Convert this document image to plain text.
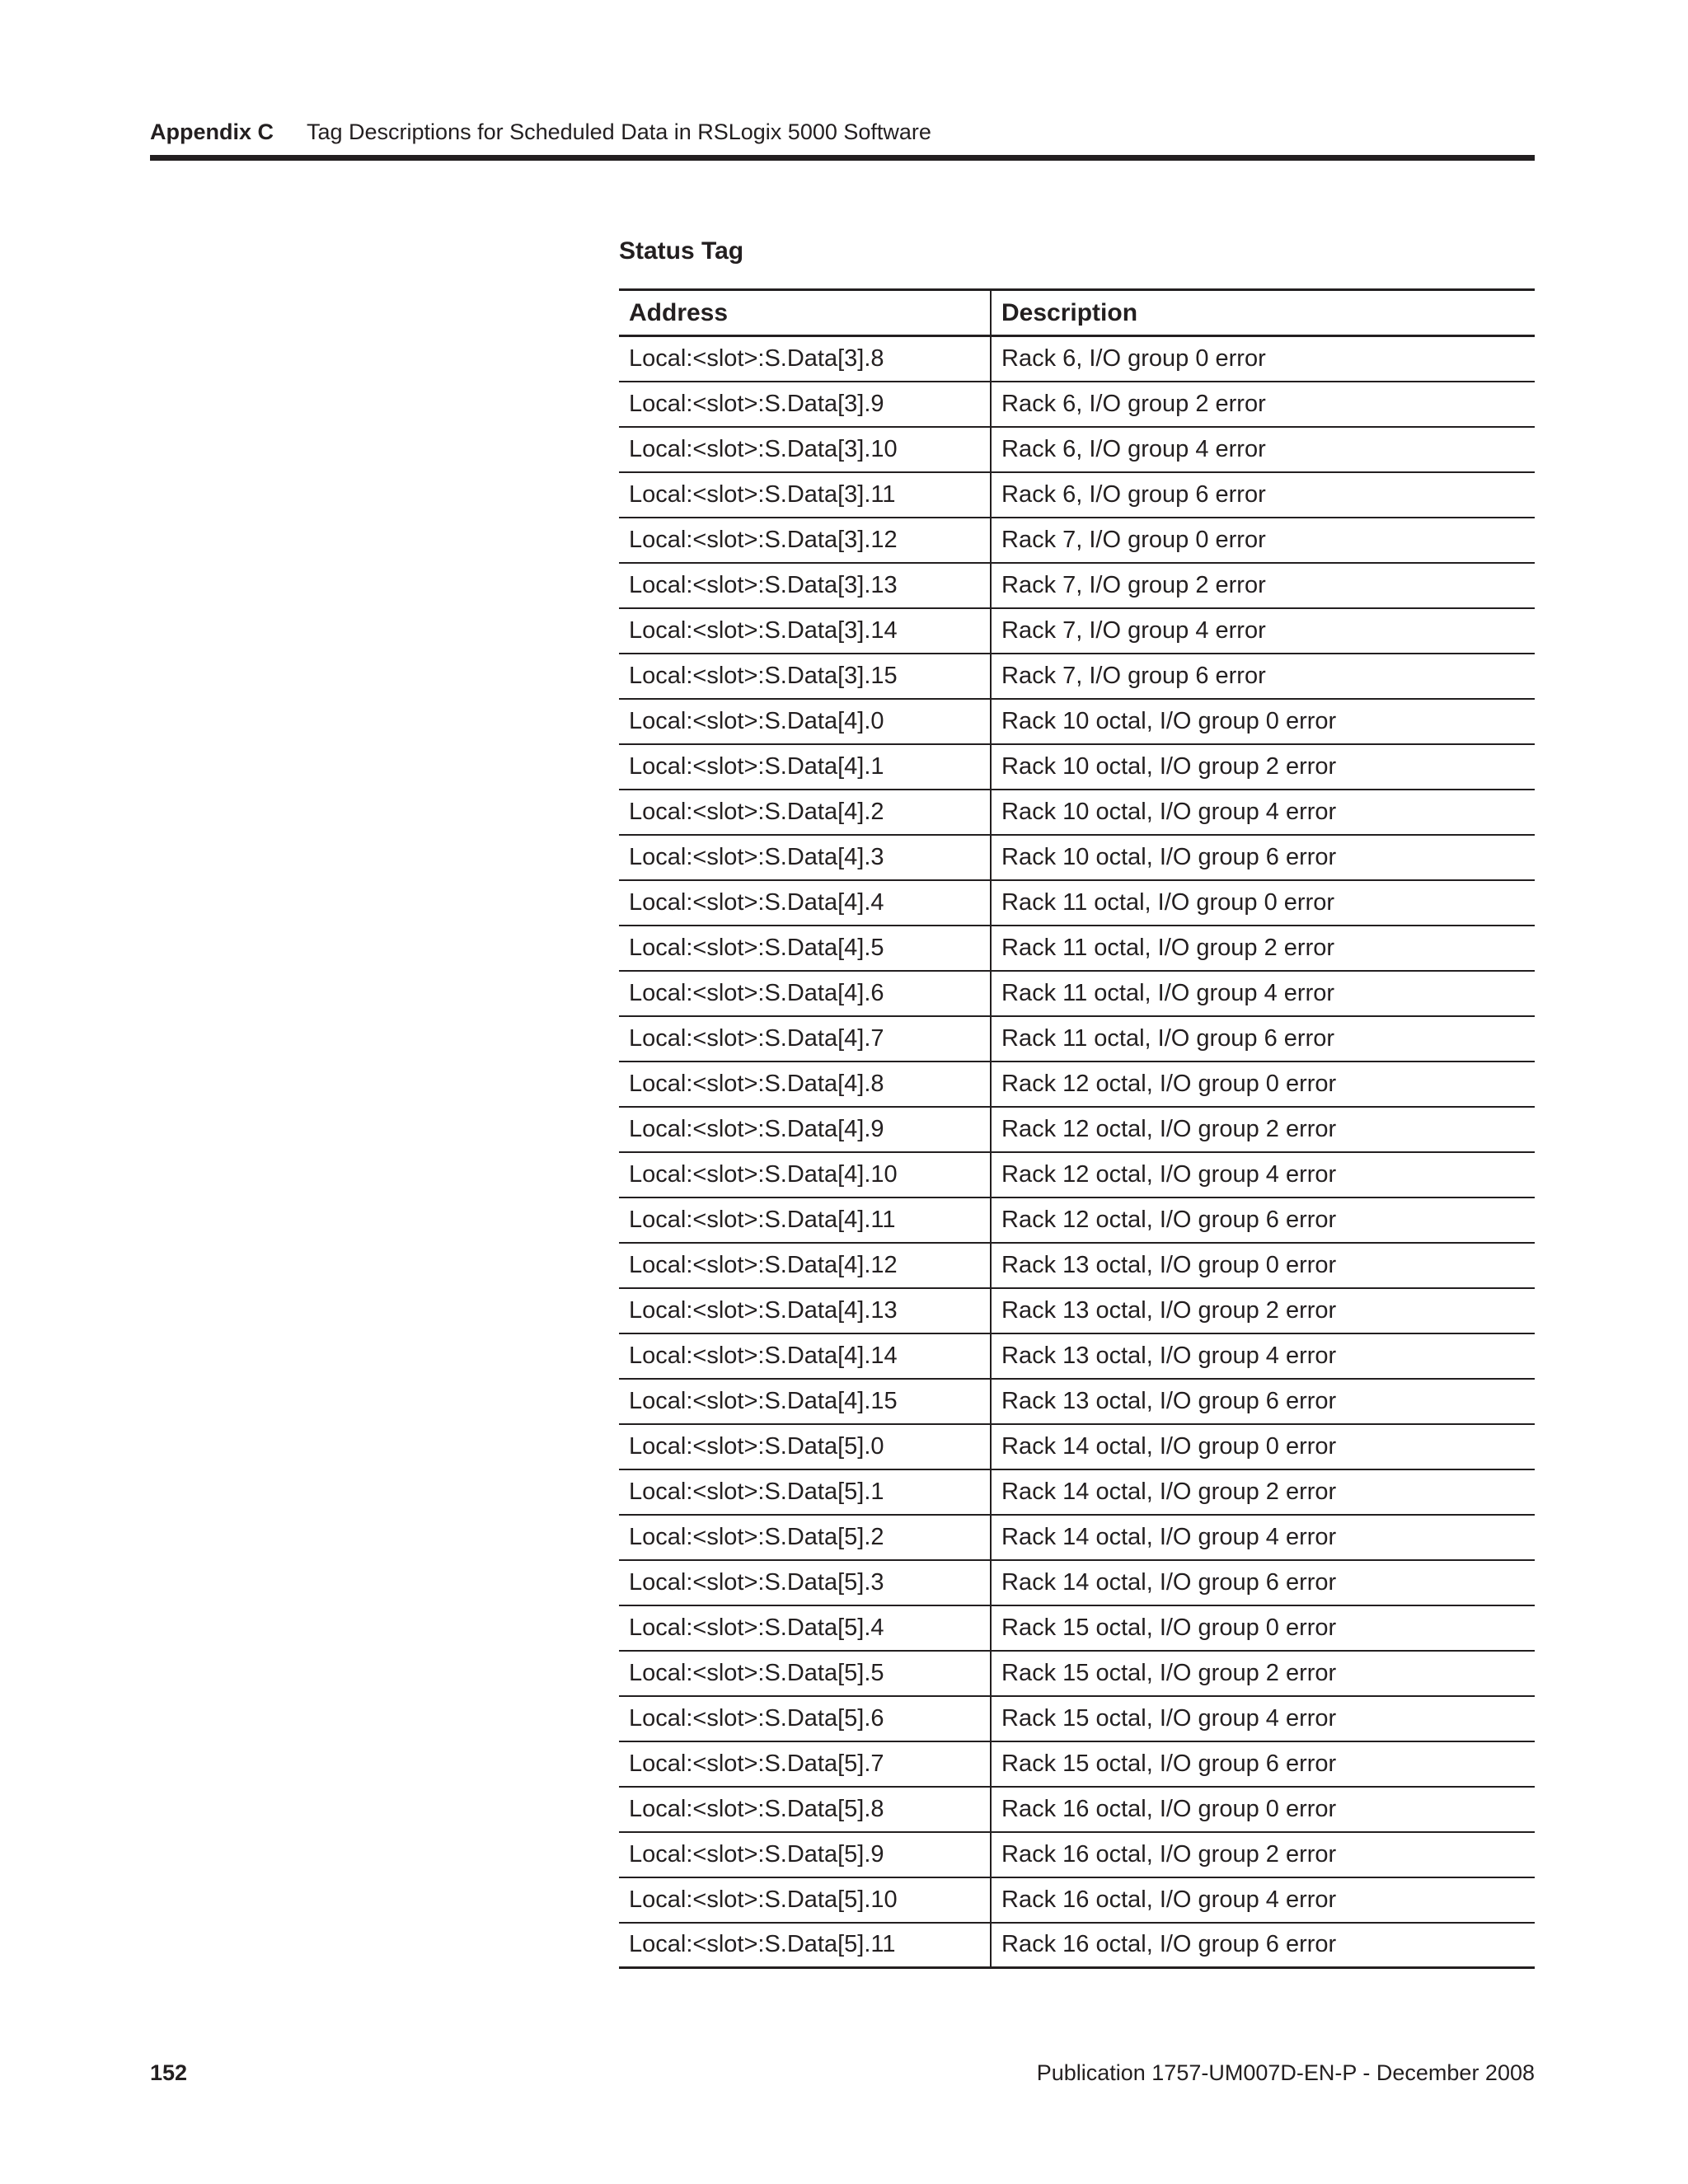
Appendix C	Tag Descriptions for Scheduled Data in RSLogix 5000 Software
Status Tag
Address	Description
Local:<slot>:S.Data[3].8	Rack 6, I/O group 0 error
Local:<slot>:S.Data[3].9	Rack 6, I/O group 2 error
Local:<slot>:S.Data[3].10	Rack 6, I/O group 4 error
Local:<slot>:S.Data[3].11	Rack 6, I/O group 6 error
Local:<slot>:S.Data[3].12	Rack 7, I/O group 0 error
Local:<slot>:S.Data[3].13	Rack 7, I/O group 2 error
Local:<slot>:S.Data[3].14	Rack 7, I/O group 4 error
Local:<slot>:S.Data[3].15	Rack 7, I/O group 6 error
Local:<slot>:S.Data[4].0	Rack 10 octal, I/O group 0 error
Local:<slot>:S.Data[4].1	Rack 10 octal, I/O group 2 error
Local:<slot>:S.Data[4].2	Rack 10 octal, I/O group 4 error
Local:<slot>:S.Data[4].3	Rack 10 octal, I/O group 6 error
Local:<slot>:S.Data[4].4	Rack 11 octal, I/O group 0 error
Local:<slot>:S.Data[4].5	Rack 11 octal, I/O group 2 error
Local:<slot>:S.Data[4].6	Rack 11 octal, I/O group 4 error
Local:<slot>:S.Data[4].7	Rack 11 octal, I/O group 6 error
Local:<slot>:S.Data[4].8	Rack 12 octal, I/O group 0 error
Local:<slot>:S.Data[4].9	Rack 12 octal, I/O group 2 error
Local:<slot>:S.Data[4].10	Rack 12 octal, I/O group 4 error
Local:<slot>:S.Data[4].11	Rack 12 octal, I/O group 6 error
Local:<slot>:S.Data[4].12	Rack 13 octal, I/O group 0 error
Local:<slot>:S.Data[4].13	Rack 13 octal, I/O group 2 error
Local:<slot>:S.Data[4].14	Rack 13 octal, I/O group 4 error
Local:<slot>:S.Data[4].15	Rack 13 octal, I/O group 6 error
Local:<slot>:S.Data[5].0	Rack 14 octal, I/O group 0 error
Local:<slot>:S.Data[5].1	Rack 14 octal, I/O group 2 error
Local:<slot>:S.Data[5].2	Rack 14 octal, I/O group 4 error
Local:<slot>:S.Data[5].3	Rack 14 octal, I/O group 6 error
Local:<slot>:S.Data[5].4	Rack 15 octal, I/O group 0 error
Local:<slot>:S.Data[5].5	Rack 15 octal, I/O group 2 error
Local:<slot>:S.Data[5].6	Rack 15 octal, I/O group 4 error
Local:<slot>:S.Data[5].7	Rack 15 octal, I/O group 6 error
Local:<slot>:S.Data[5].8	Rack 16 octal, I/O group 0 error
Local:<slot>:S.Data[5].9	Rack 16 octal, I/O group 2 error
Local:<slot>:S.Data[5].10	Rack 16 octal, I/O group 4 error
Local:<slot>:S.Data[5].11	Rack 16 octal, I/O group 6 error
152	Publication 1757-UM007D-EN-P - December 2008
